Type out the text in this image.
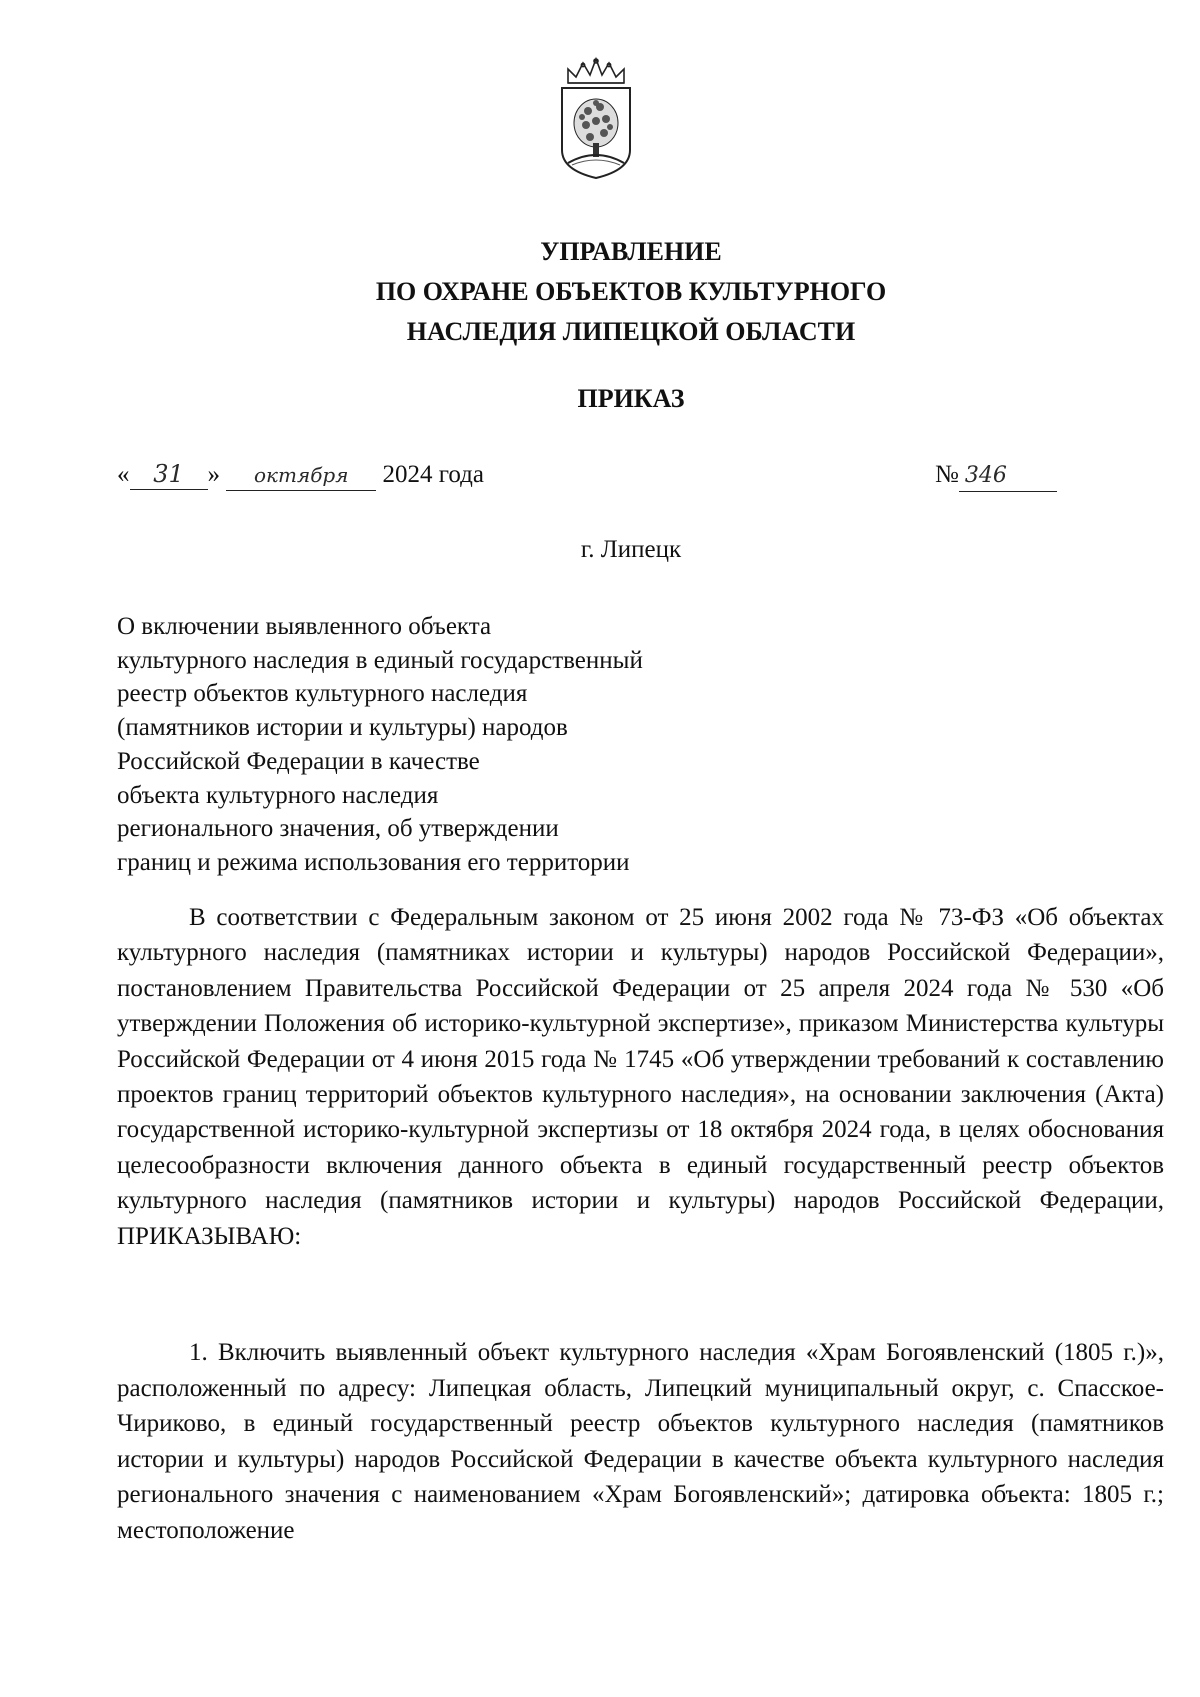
УПРАВЛЕНИЕ
ПО ОХРАНЕ ОБЪЕКТОВ КУЛЬТУРНОГО
НАСЛЕДИЯ ЛИПЕЦКОЙ ОБЛАСТИ
ПРИКАЗ
« 31 » октября 2024 года	№ 346
г. Липецк
О включении выявленного объекта
культурного наследия в единый государственный
реестр объектов культурного наследия
(памятников истории и культуры) народов
Российской Федерации в качестве
объекта культурного наследия
регионального значения, об утверждении
границ и режима использования его территории

В соответствии с Федеральным законом от 25 июня 2002 года № 73-ФЗ «Об объектах культурного наследия (памятниках истории и культуры) народов Российской Федерации», постановлением Правительства Российской Федерации от 25 апреля 2024 года № 530 «Об утверждении Положения об историко-культурной экспертизе», приказом Министерства культуры Российской Федерации от 4 июня 2015 года № 1745 «Об утверждении требований к составлению проектов границ территорий объектов культурного наследия», на основании заключения (Акта) государственной историко-культурной экспертизы от 18 октября 2024 года, в целях обоснования целесообразности включения данного объекта в единый государственный реестр объектов культурного наследия (памятников истории и культуры) народов Российской Федерации, ПРИКАЗЫВАЮ:

1. Включить выявленный объект культурного наследия «Храм Богоявленский (1805 г.)», расположенный по адресу: Липецкая область, Липецкий муниципальный округ, с. Спасское-Чириково, в единый государственный реестр объектов культурного наследия (памятников истории и культуры) народов Российской Федерации в качестве объекта культурного наследия регионального значения с наименованием «Храм Богоявленский»; датировка объекта: 1805 г.; местоположение
